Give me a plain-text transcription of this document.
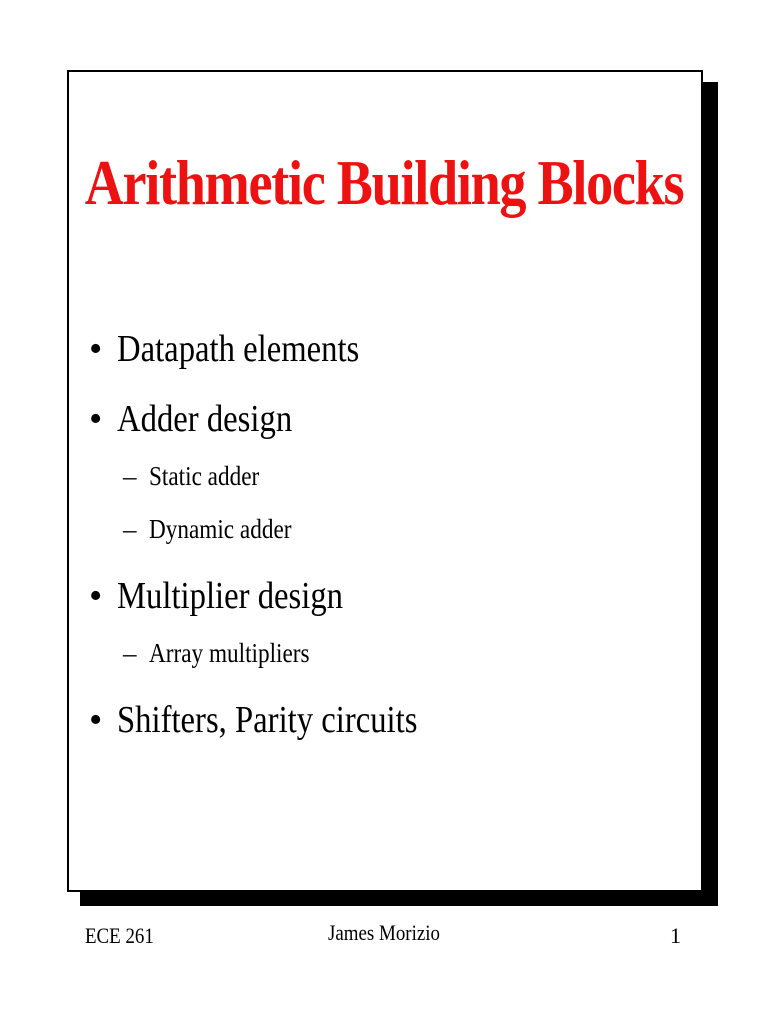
Arithmetic Building Blocks
• Datapath elements
• Adder design
– Static adder
– Dynamic adder
• Multiplier design
– Array multipliers
• Shifters, Parity circuits
ECE 261	James Morizio	1
